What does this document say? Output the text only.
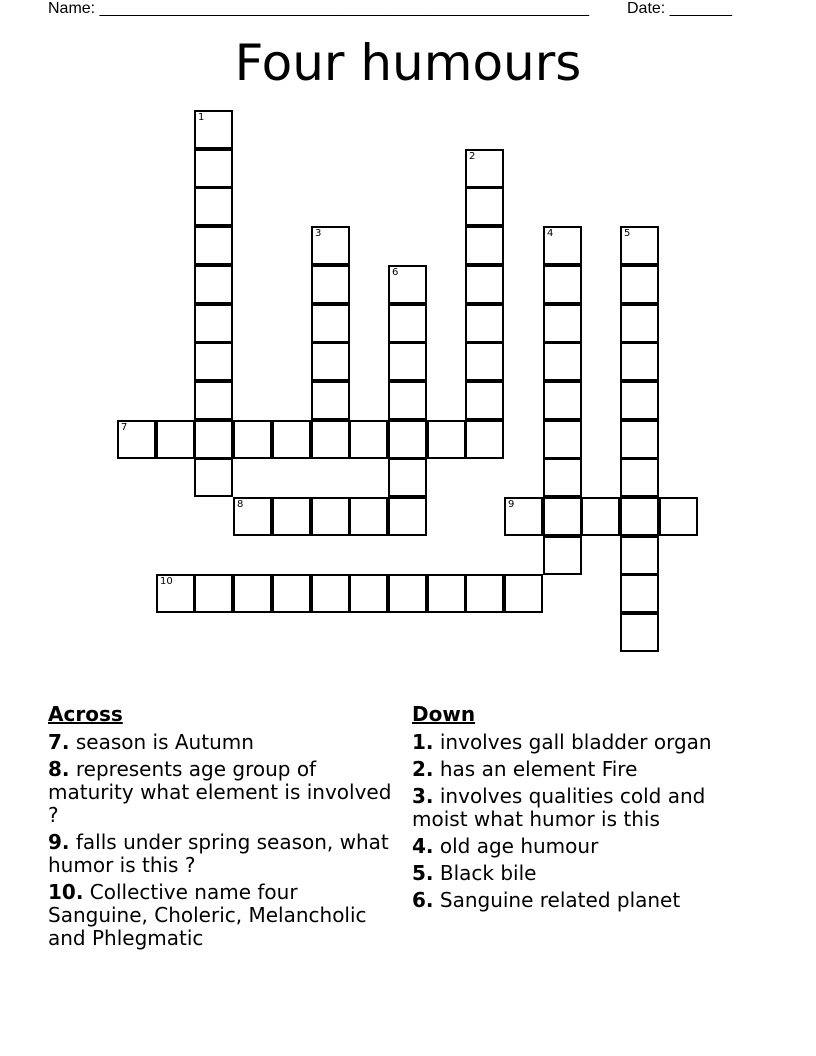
Name: _______________________________________________________ Date: _______
Four humours
1
2
3	4	5
6
7
8	9
10
Across
7. season is Autumn
8. represents age group of maturity what element is involved ?
9. falls under spring season, what humor is this ?
10. Collective name four Sanguine, Choleric, Melancholic and Phlegmatic
Down
1. involves gall bladder organ
2. has an element Fire
3. involves qualities cold and moist what humor is this
4. old age humour
5. Black bile
6. Sanguine related planet
